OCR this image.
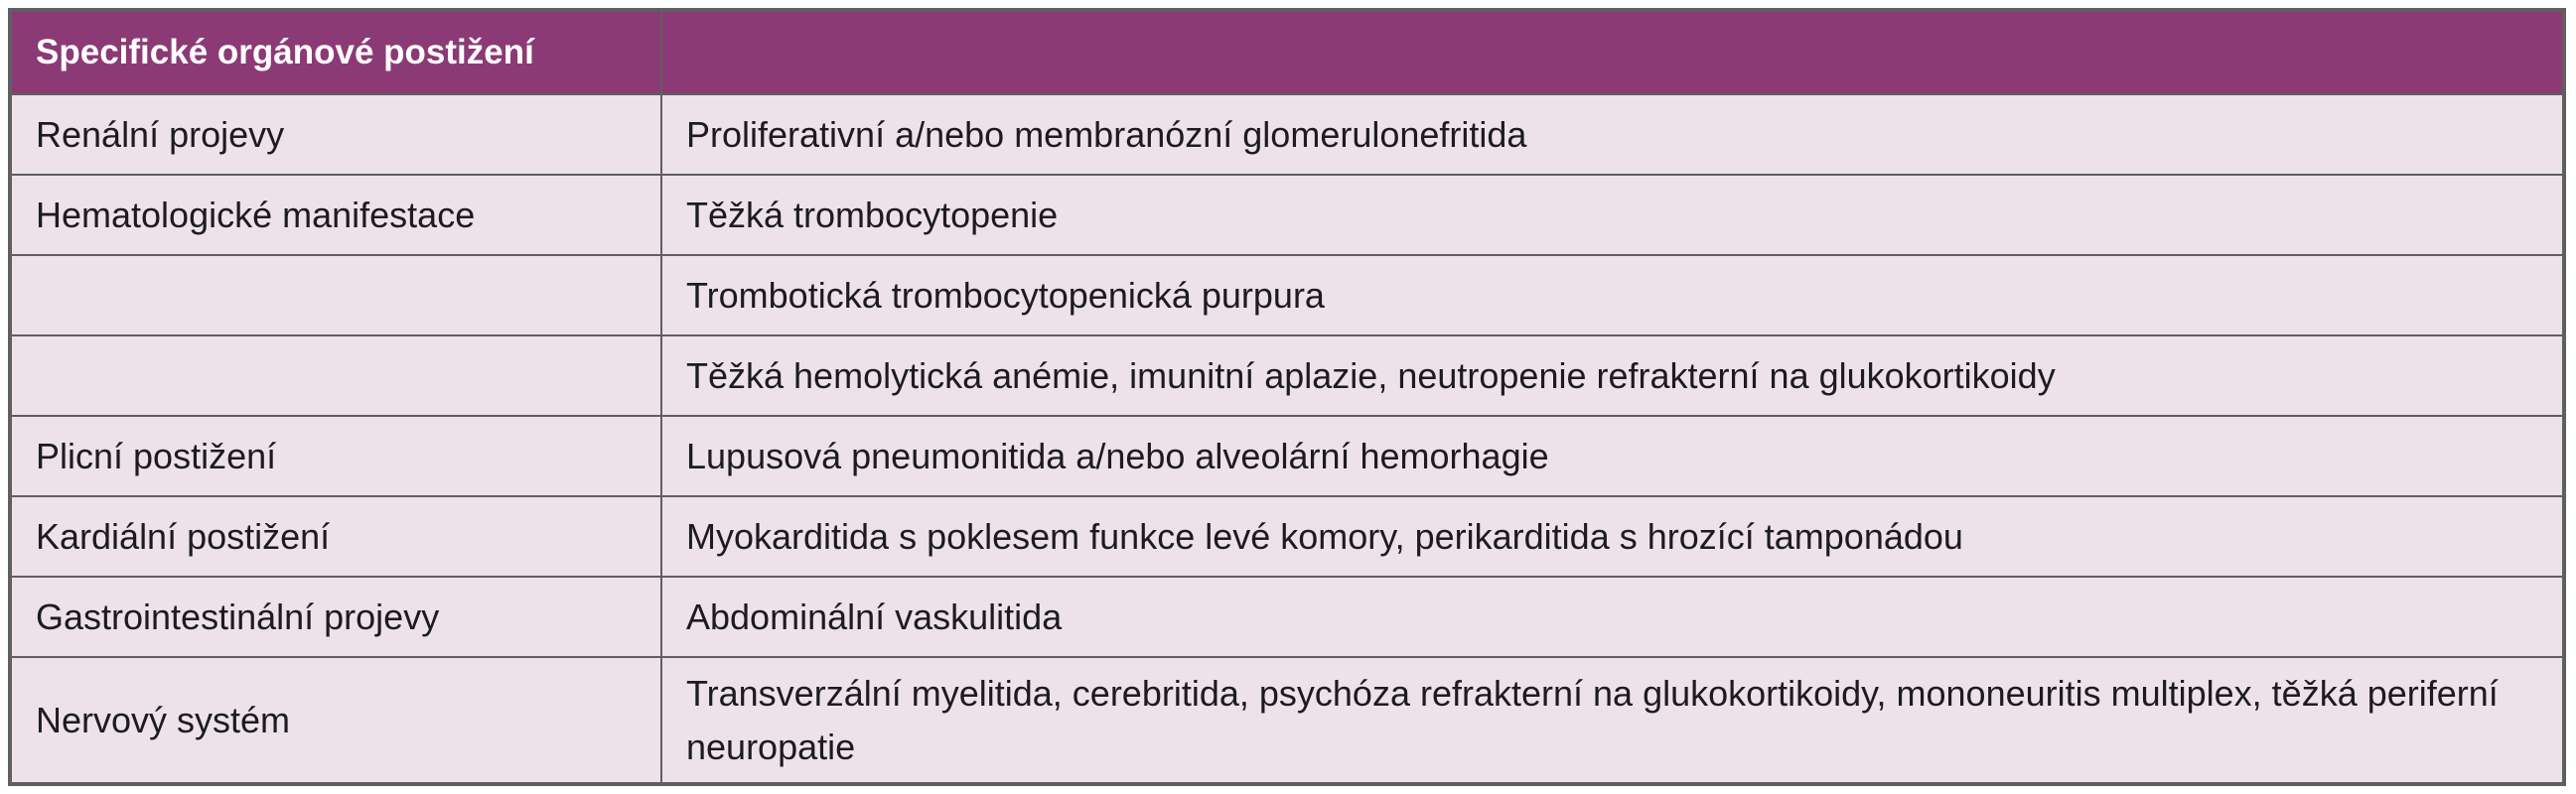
Specifické orgánové postižení	
Renální projevy	Proliferativní a/nebo membranózní glomerulonefritida
Hematologické manifestace	Těžká trombocytopenie
	Trombotická trombocytopenická purpura
	Těžká hemolytická anémie, imunitní aplazie, neutropenie refrakterní na glukokortikoidy
Plicní postižení	Lupusová pneumonitida a/nebo alveolární hemorhagie
Kardiální postižení	Myokarditida s poklesem funkce levé komory, perikarditida s hrozící tamponádou
Gastrointestinální projevy	Abdominální vaskulitida
Nervový systém	Transverzální myelitida, cerebritida, psychóza refrakterní na glukokortikoidy, mononeuritis multiplex, těžká periferní neuropatie
